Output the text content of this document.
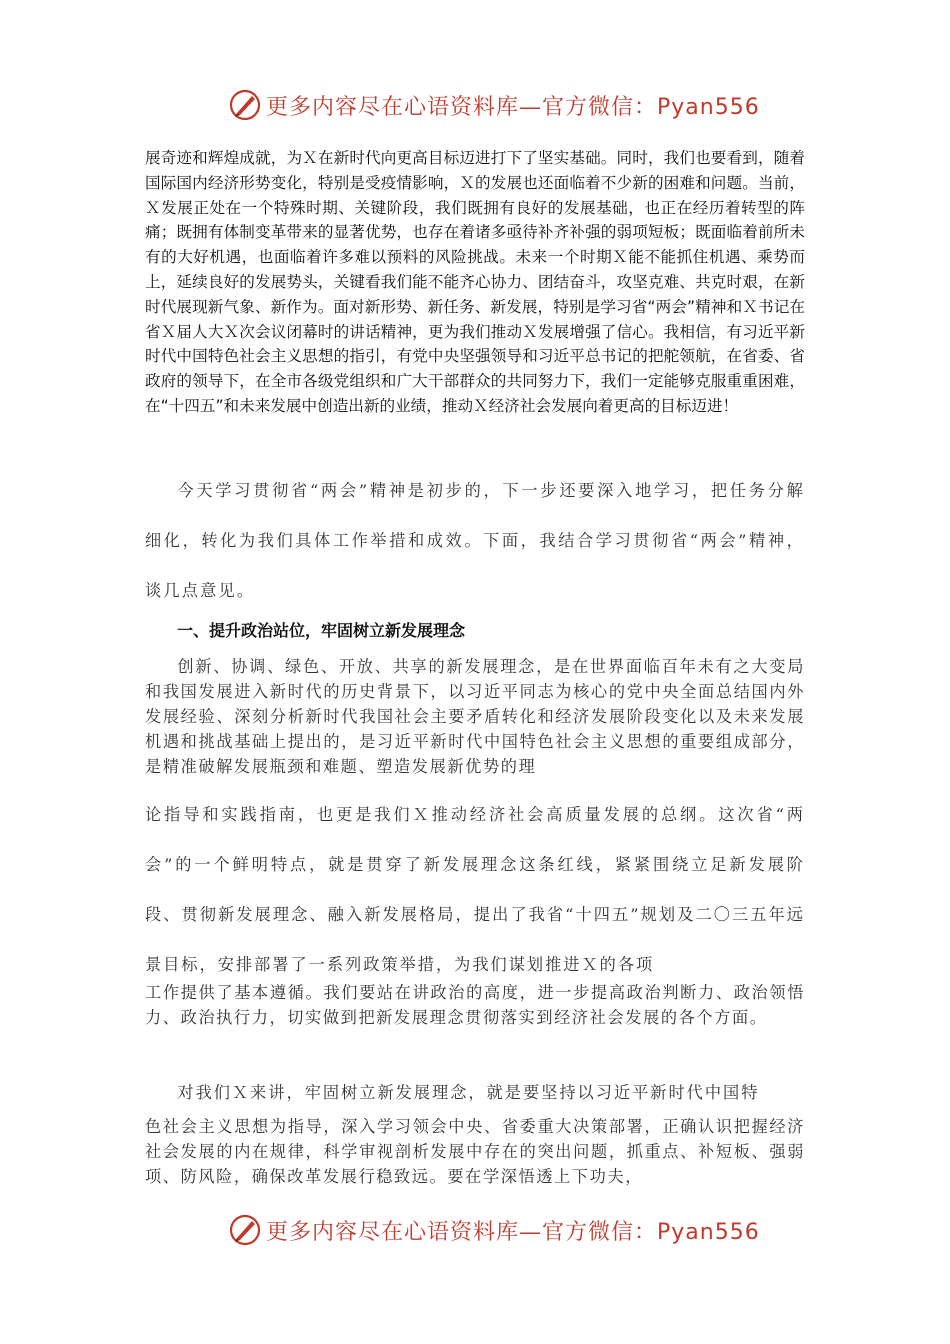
更多内容尽在心语资料库—官方微信：Pyan556

展奇迹和辉煌成就，为Ｘ在新时代向更高目标迈进打下了坚实基础。同时，我们也要看到，随着国际国内经济形势变化，特别是受疫情影响，Ｘ的发展也还面临着不少新的困难和问题。当前，Ｘ发展正处在一个特殊时期、关键阶段，我们既拥有良好的发展基础，也正在经历着转型的阵痛；既拥有体制变革带来的显著优势，也存在着诸多亟待补齐补强的弱项短板；既面临着前所未有的大好机遇，也面临着许多难以预料的风险挑战。未来一个时期Ｘ能不能抓住机遇、乘势而上，延续良好的发展势头，关键看我们能不能齐心协力、团结奋斗，攻坚克难、共克时艰，在新时代展现新气象、新作为。面对新形势、新任务、新发展，特别是学习省“两会”精神和Ｘ书记在省Ｘ届人大Ｘ次会议闭幕时的讲话精神，更为我们推动Ｘ发展增强了信心。我相信，有习近平新时代中国特色社会主义思想的指引，有党中央坚强领导和习近平总书记的把舵领航，在省委、省政府的领导下，在全市各级党组织和广大干部群众的共同努力下，我们一定能够克服重重困难，在“十四五”和未来发展中创造出新的业绩，推动Ｘ经济社会发展向着更高的目标迈进！

今天学习贯彻省“两会”精神是初步的，下一步还要深入地学习，把任务分解细化，转化为我们具体工作举措和成效。下面，我结合学习贯彻省“两会”精神，谈几点意见。

一、提升政治站位，牢固树立新发展理念

创新、协调、绿色、开放、共享的新发展理念，是在世界面临百年未有之大变局和我国发展进入新时代的历史背景下，以习近平同志为核心的党中央全面总结国内外发展经验、深刻分析新时代我国社会主要矛盾转化和经济发展阶段变化以及未来发展机遇和挑战基础上提出的，是习近平新时代中国特色社会主义思想的重要组成部分，是精准破解发展瓶颈和难题、塑造发展新优势的理

论指导和实践指南，也更是我们Ｘ推动经济社会高质量发展的总纲。这次省“两会”的一个鲜明特点，就是贯穿了新发展理念这条红线，紧紧围绕立足新发展阶段、贯彻新发展理念、融入新发展格局，提出了我省“十四五”规划及二〇三五年远景目标，安排部署了一系列政策举措，为我们谋划推进Ｘ的各项

工作提供了基本遵循。我们要站在讲政治的高度，进一步提高政治判断力、政治领悟力、政治执行力，切实做到把新发展理念贯彻落实到经济社会发展的各个方面。

对我们Ｘ来讲，牢固树立新发展理念，就是要坚持以习近平新时代中国特

色社会主义思想为指导，深入学习领会中央、省委重大决策部署，正确认识把握经济社会发展的内在规律，科学审视剖析发展中存在的突出问题，抓重点、补短板、强弱项、防风险，确保改革发展行稳致远。要在学深悟透上下功夫，

更多内容尽在心语资料库—官方微信：Pyan556
